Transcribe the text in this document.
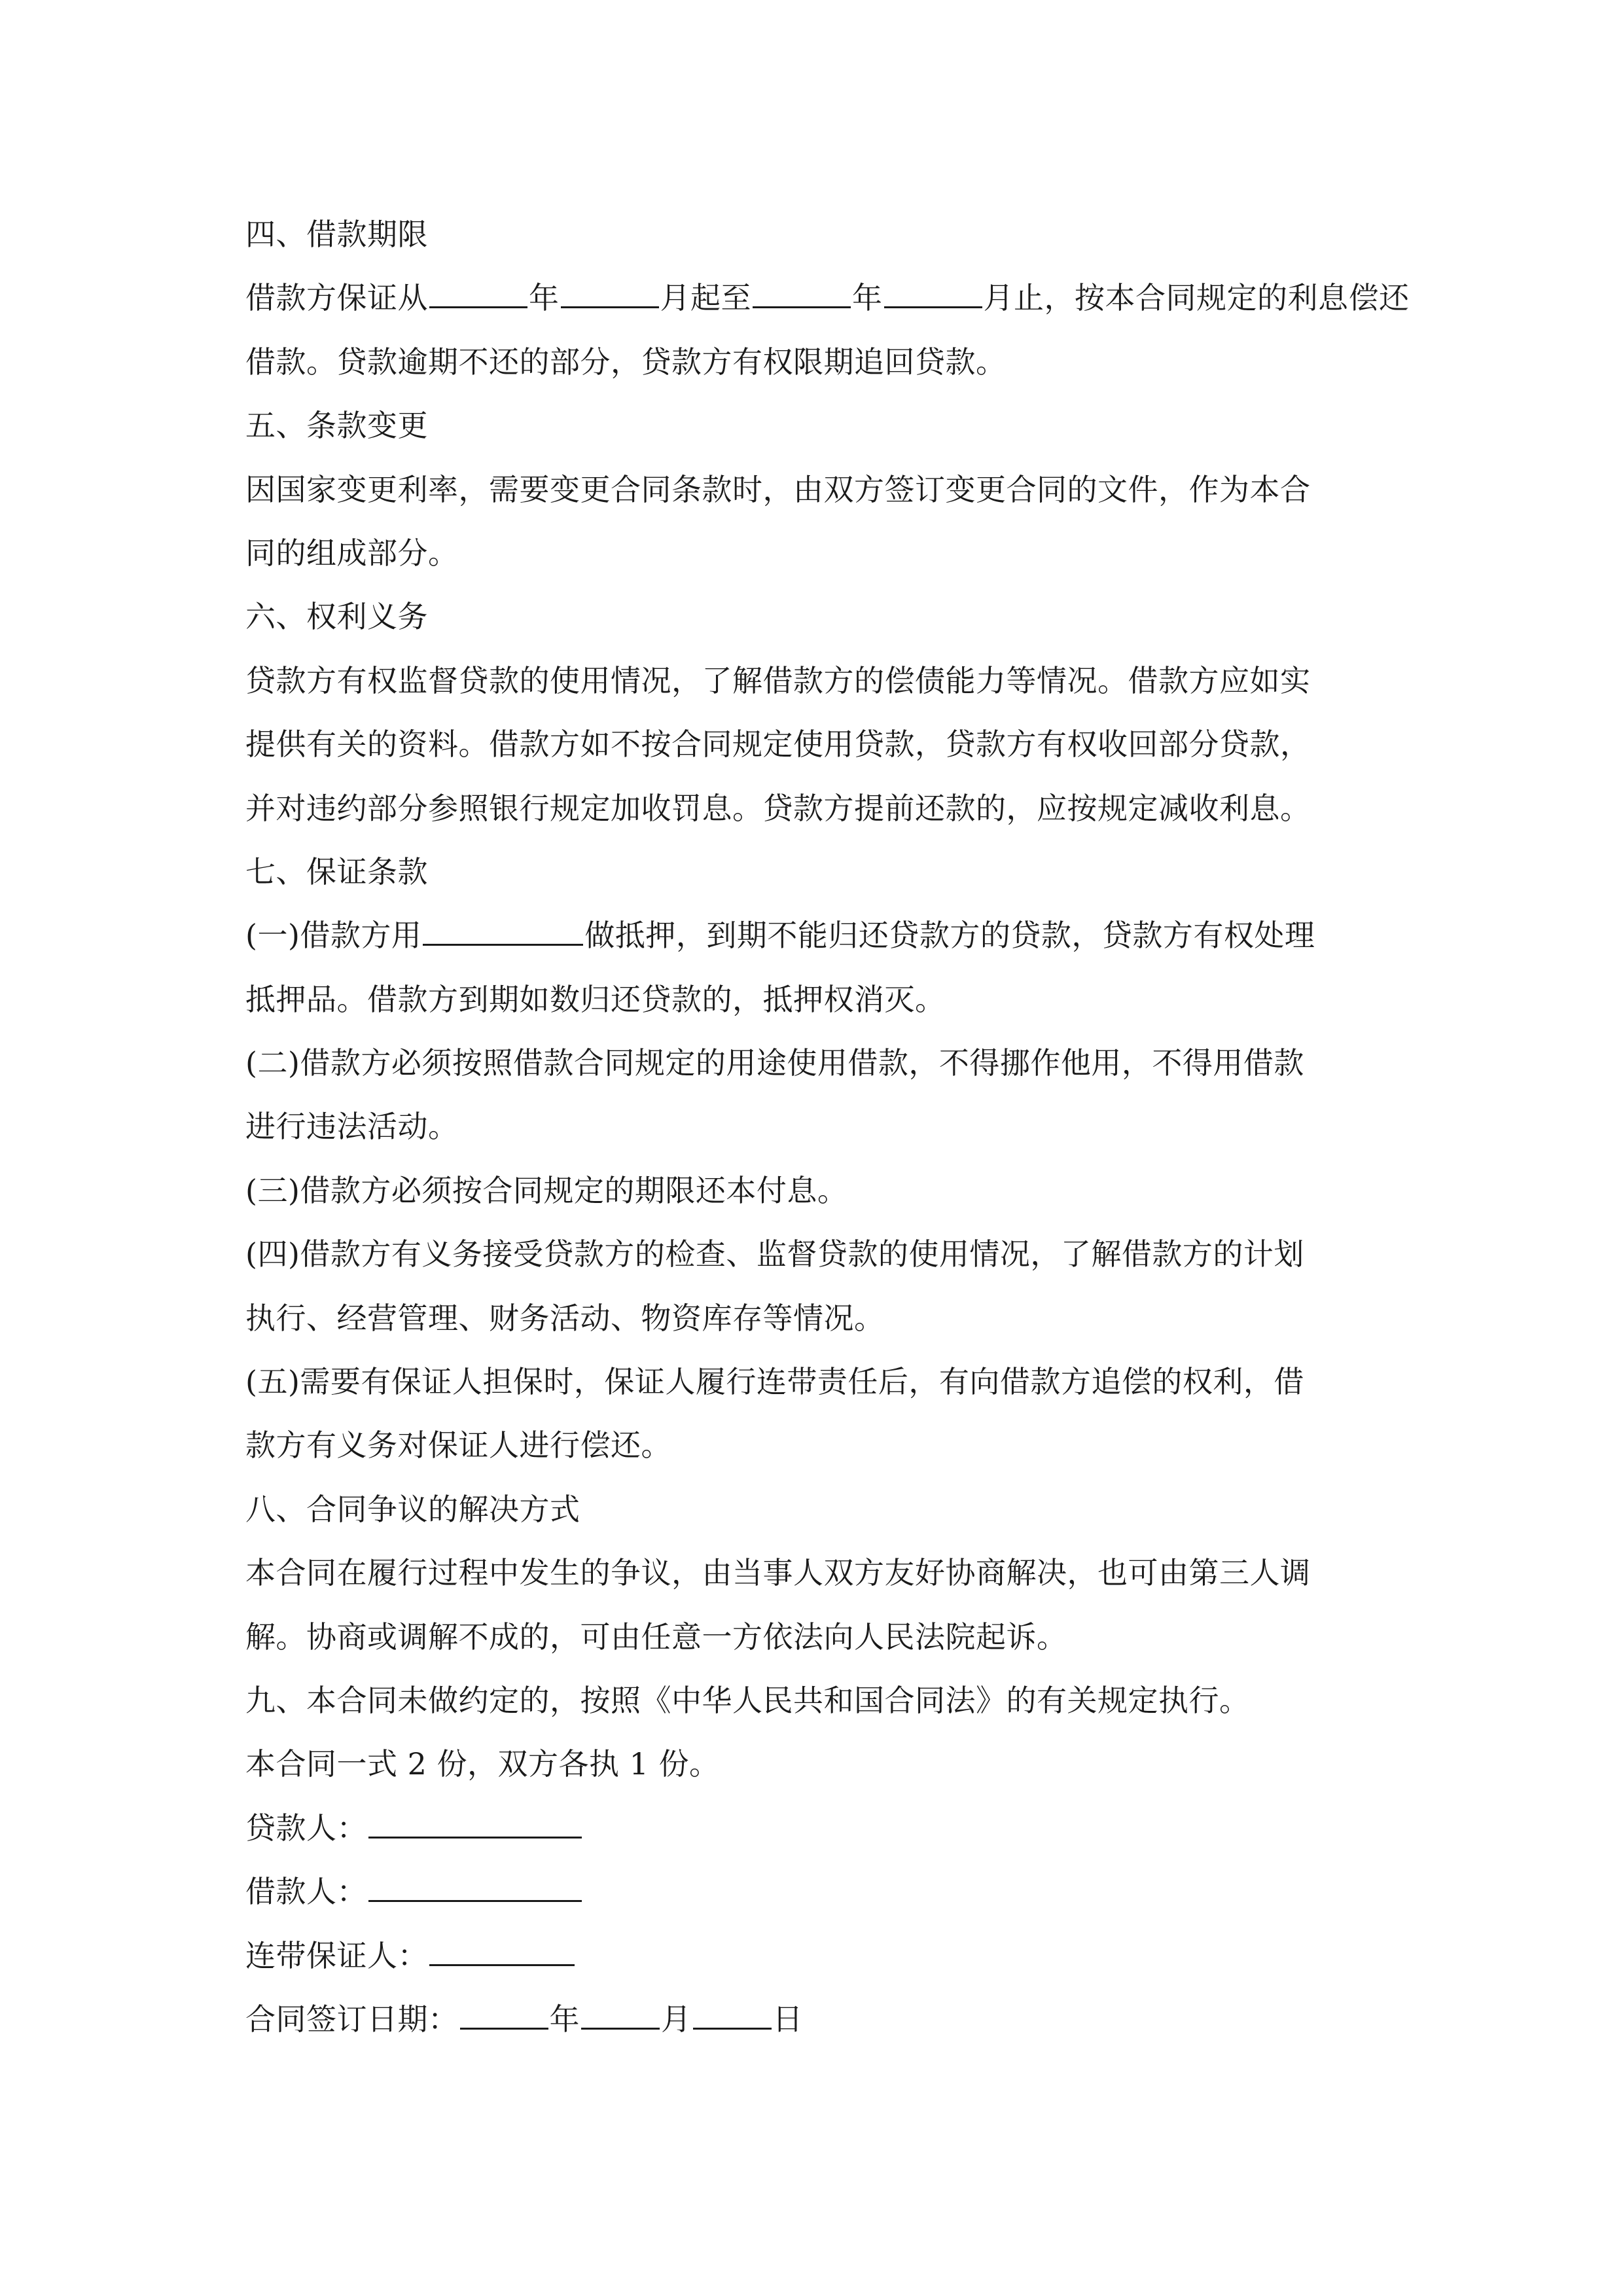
四、借款期限
借款方保证从	年	月起至	年	月止，按本合同规定的利息偿还
借款。贷款逾期不还的部分，贷款方有权限期追回贷款。
五、条款变更
因国家变更利率，需要变更合同条款时，由双方签订变更合同的文件，作为本合
同的组成部分。
六、权利义务
贷款方有权监督贷款的使用情况，了解借款方的偿债能力等情况。借款方应如实
提供有关的资料。借款方如不按合同规定使用贷款，贷款方有权收回部分贷款，
并对违约部分参照银行规定加收罚息。贷款方提前还款的，应按规定减收利息。
七、保证条款
(一)借款方用	做抵押，到期不能归还贷款方的贷款，贷款方有权处理
抵押品。借款方到期如数归还贷款的，抵押权消灭。
(二)借款方必须按照借款合同规定的用途使用借款，不得挪作他用，不得用借款
进行违法活动。
(三)借款方必须按合同规定的期限还本付息。
(四)借款方有义务接受贷款方的检查、监督贷款的使用情况，了解借款方的计划
执行、经营管理、财务活动、物资库存等情况。
(五)需要有保证人担保时，保证人履行连带责任后，有向借款方追偿的权利，借
款方有义务对保证人进行偿还。
八、合同争议的解决方式
本合同在履行过程中发生的争议，由当事人双方友好协商解决，也可由第三人调
解。协商或调解不成的，可由任意一方依法向人民法院起诉。
九、本合同未做约定的，按照《中华人民共和国合同法》的有关规定执行。
本合同一式 2 份，双方各执 1 份。
贷款人：
借款人：
连带保证人：
合同签订日期：	年	月	日
